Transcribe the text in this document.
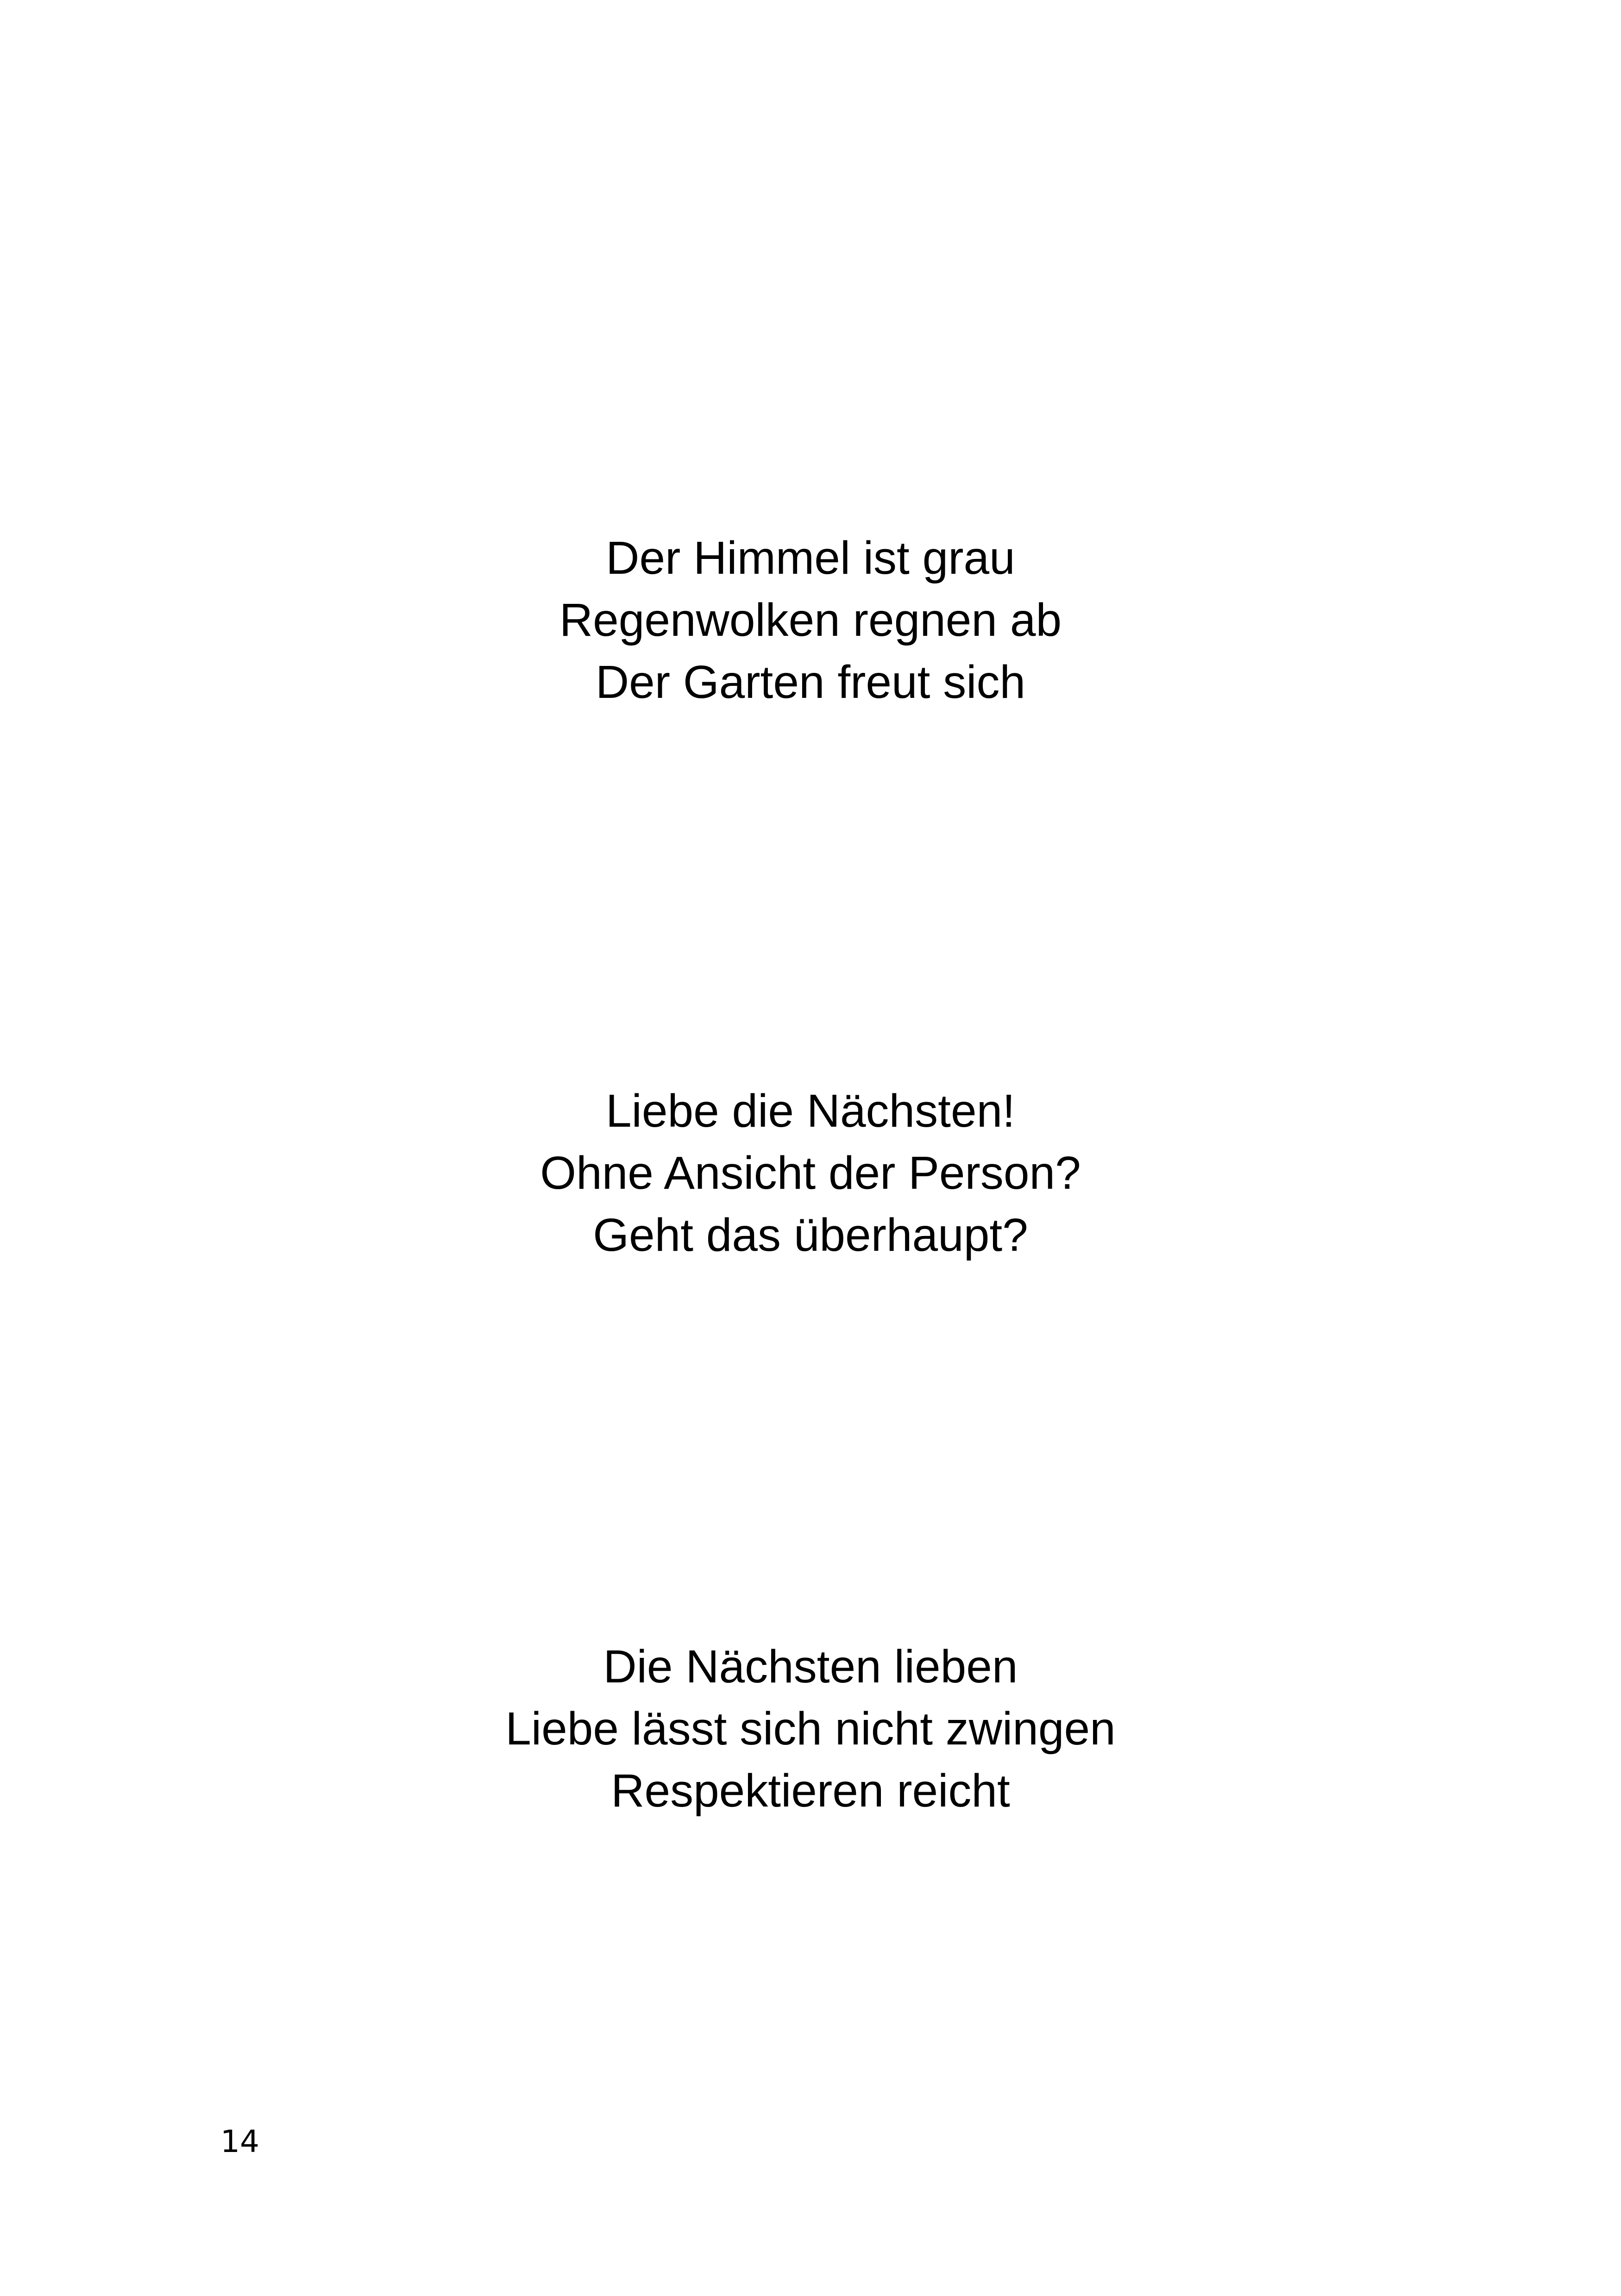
Der Himmel ist grau
Regenwolken regnen ab
Der Garten freut sich
Liebe die Nächsten!
Ohne Ansicht der Person?
Geht das überhaupt?
Die Nächsten lieben
Liebe lässt sich nicht zwingen
Respektieren reicht
14
